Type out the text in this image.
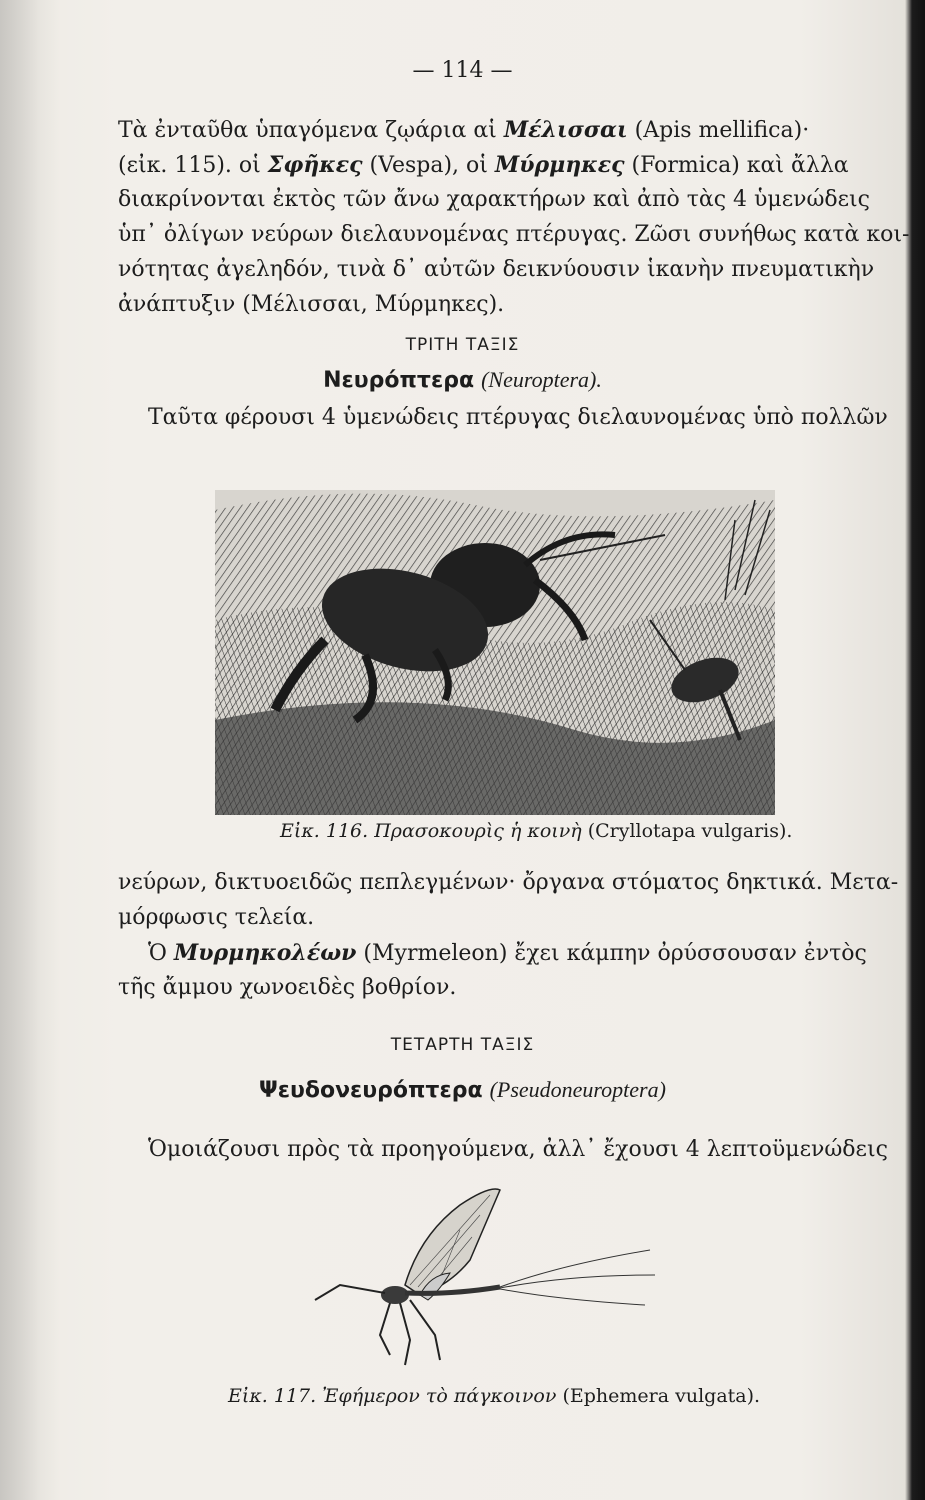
— 114 —
Τὰ ἐνταῦθα ὑπαγόμενα ζῳάρια αἱ Μέλισσαι (Apis mellifica)·
(εἰκ. 115). οἱ Σφῆκες (Vespa), οἱ Μύρμηκες (Formica) καὶ ἄλλα
διακρίνονται ἐκτὸς τῶν ἄνω χαρακτήρων καὶ ἀπὸ τὰς 4 ὑμενώδεις
ὑπ᾽ ὀλίγων νεύρων διελαυνομένας πτέρυγας. Ζῶσι συνήθως κατὰ κοι-
νότητας ἀγεληδόν, τινὰ δ᾽ αὐτῶν δεικνύουσιν ἱκανὴν πνευματικὴν
ἀνάπτυξιν (Μέλισσαι, Μύρμηκες).
ΤΡΙΤΗ ΤΑΞΙΣ
Νευρόπτερα (Neuroptera).
Ταῦτα φέρουσι 4 ὑμενώδεις πτέρυγας διελαυνομένας ὑπὸ πολλῶν
Εἰκ. 116. Πρασοκουρὶς ἡ κοινὴ (Cryllotapa vulgaris).
νεύρων, δικτυοειδῶς πεπλεγμένων· ὄργανα στόματος δηκτικά. Μετα-
μόρφωσις τελεία.
Ὁ Μυρμηκολέων (Myrmeleon) ἔχει κάμπην ὀρύσσουσαν ἐντὸς
τῆς ἄμμου χωνοειδὲς βοθρίον.
ΤΕΤΑΡΤΗ ΤΑΞΙΣ
Ψευδονευρόπτερα (Pseudoneuroptera)
Ὁμοιάζουσι πρὸς τὰ προηγούμενα, ἀλλ᾽ ἔχουσι 4 λεπτοϋμενώδεις
Εἰκ. 117. Ἐφήμερον τὸ πάγκοινον (Ephemera vulgata).
